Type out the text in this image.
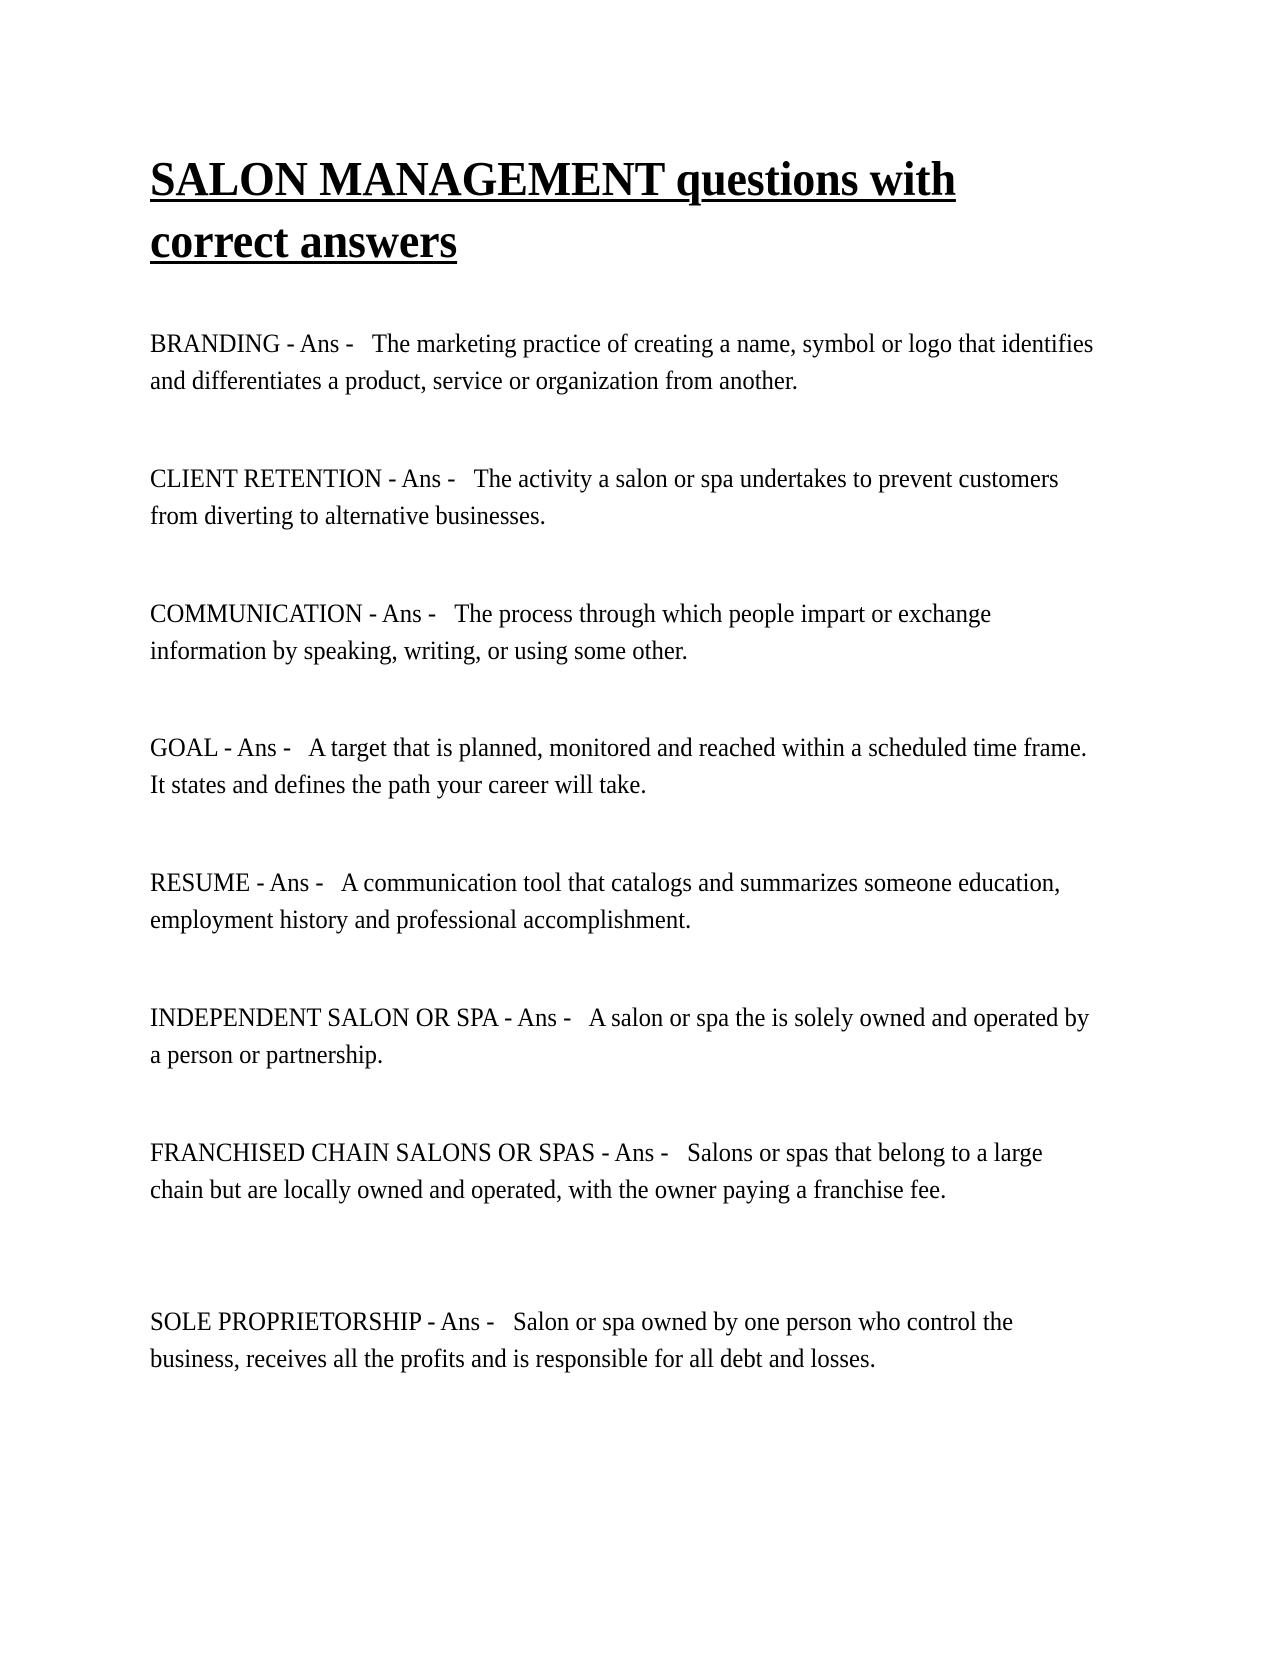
SALON MANAGEMENT questions with correct answers

BRANDING - Ans -   The marketing practice of creating a name, symbol or logo that identifies and differentiates a product, service or organization from another.

CLIENT RETENTION - Ans -   The activity a salon or spa undertakes to prevent customers from diverting to alternative businesses.

COMMUNICATION - Ans -   The process through which people impart or exchange information by speaking, writing, or using some other.

GOAL - Ans -   A target that is planned, monitored and reached within a scheduled time frame. It states and defines the path your career will take.

RESUME - Ans -   A communication tool that catalogs and summarizes someone education, employment history and professional accomplishment.

INDEPENDENT SALON OR SPA - Ans -   A salon or spa the is solely owned and operated by a person or partnership.

FRANCHISED CHAIN SALONS OR SPAS - Ans -   Salons or spas that belong to a large chain but are locally owned and operated, with the owner paying a franchise fee.

SOLE PROPRIETORSHIP - Ans -   Salon or spa owned by one person who control the business, receives all the profits and is responsible for all debt and losses.
